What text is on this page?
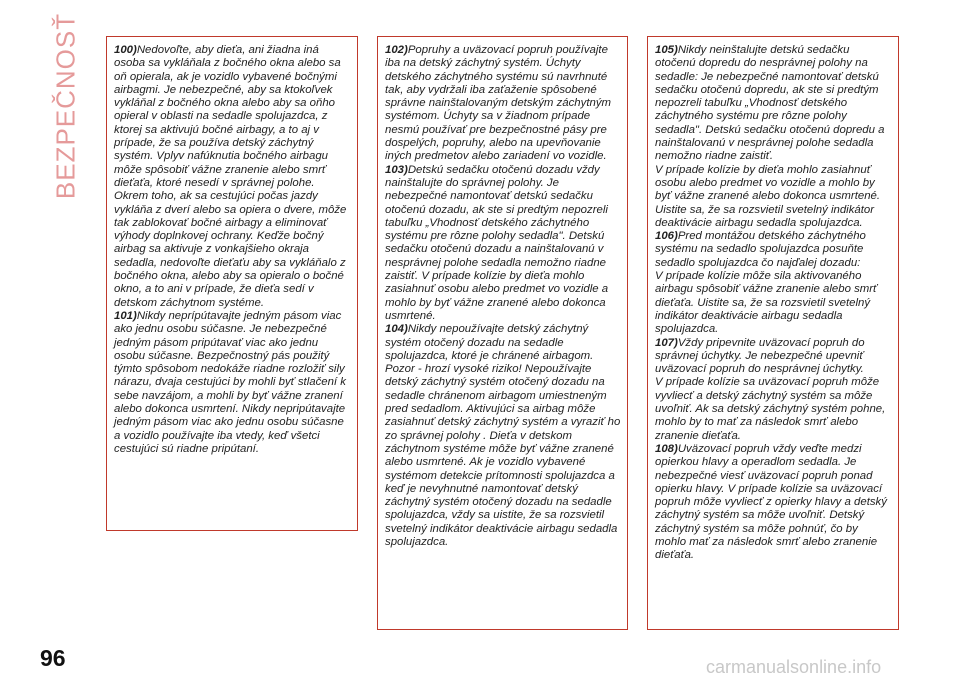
BEZPEČNOSŤ	100)Nedovoľte, aby dieťa, ani žiadna iná osoba sa vykláňala z bočného okna alebo sa oň opierala, ak je vozidlo vybavené bočnými airbagmi. Je nebezpečné, aby sa ktokoľvek vykláňal z bočného okna alebo aby sa oňho opieral v oblasti na sedadle spolujazdca, z ktorej sa aktivujú bočné airbagy, a to aj v prípade, že sa používa detský záchytný systém. Vplyv nafúknutia bočného airbagu môže spôsobiť vážne zranenie alebo smrť dieťaťa, ktoré nesedí v správnej polohe. Okrem toho, ak sa cestujúci počas jazdy vykláňa z dverí alebo sa opiera o dvere, môže tak zablokovať bočné airbagy a eliminovať výhody doplnkovej ochrany. Keďže bočný airbag sa aktivuje z vonkajšieho okraja sedadla, nedovoľte dieťaťu aby sa vykláňalo z bočného okna, alebo aby sa opieralo o bočné okno, a to ani v prípade, že dieťa sedí v detskom záchytnom systéme.

101)Nikdy neprípútavajte jedným pásom viac ako jednu osobu súčasne. Je nebezpečné jedným pásom pripútavať viac ako jednu osobu súčasne. Bezpečnostný pás použitý týmto spôsobom nedokáže riadne rozložiť sily nárazu, dvaja cestujúci by mohli byť stlačení k sebe navzájom, a mohli by byť vážne zranení alebo dokonca usmrtení. Nikdy nepripútavajte jedným pásom viac ako jednu osobu súčasne a vozidlo používajte iba vtedy, keď všetci cestujúci sú riadne pripútaní.

102)Popruhy a uväzovací popruh používajte iba na detský záchytný systém. Úchyty detského záchytného systému sú navrhnuté tak, aby vydržali iba zaťaženie spôsobené správne nainštalovaným detským záchytným systémom. Úchyty sa v žiadnom prípade nesmú používať pre bezpečnostné pásy pre dospelých, popruhy, alebo na upevňovanie iných predmetov alebo zariadení vo vozidle.

103)Detskú sedačku otočenú dozadu vždy nainštalujte do správnej polohy. Je nebezpečné namontovať detskú sedačku otočenú dozadu, ak ste si predtým nepozreli tabuľku „Vhodnosť detského záchytného systému pre rôzne polohy sedadla". Detskú sedačku otočenú dozadu a nainštalovanú v nesprávnej polohe sedadla nemožno riadne zaistiť. V prípade kolízie by dieťa mohlo zasiahnuť osobu alebo predmet vo vozidle a mohlo by byť vážne zranené alebo dokonca usmrtené.

104)Nikdy nepoužívajte detský záchytný systém otočený dozadu na sedadle spolujazdca, ktoré je chránené airbagom. Pozor - hrozí vysoké riziko! Nepoužívajte detský záchytný systém otočený dozadu na sedadle chránenom airbagom umiestneným pred sedadlom. Aktivujúci sa airbag môže zasiahnuť detský záchytný systém a vyraziť ho zo správnej polohy . Dieťa v detskom záchytnom systéme môže byť vážne zranené alebo usmrtené. Ak je vozidlo vybavené systémom detekcie prítomnosti spolujazdca a keď je nevyhnutné namontovať detský záchytný systém otočený dozadu na sedadle spolujazdca, vždy sa uistite, že sa rozsvietil svetelný indikátor deaktivácie airbagu sedadla spolujazdca.

105)Nikdy neinštalujte detskú sedačku otočenú dopredu do nesprávnej polohy na sedadle: Je nebezpečné namontovať detskú sedačku otočenú dopredu, ak ste si predtým nepozreli tabuľku „Vhodnosť detského záchytného systému pre rôzne polohy sedadla". Detskú sedačku otočenú dopredu a nainštalovanú v nesprávnej polohe sedadla nemožno riadne zaistiť.

V prípade kolízie by dieťa mohlo zasiahnuť osobu alebo predmet vo vozidle a mohlo by byť vážne zranené alebo dokonca usmrtené. Uistite sa, že sa rozsvietil svetelný indikátor deaktivácie airbagu sedadla spolujazdca.

106)Pred montážou detského záchytného systému na sedadlo spolujazdca posuňte sedadlo spolujazdca čo najďalej dozadu:

V prípade kolízie môže sila aktivovaného airbagu spôsobiť vážne zranenie alebo smrť dieťaťa. Uistite sa, že sa rozsvietil svetelný indikátor deaktivácie airbagu sedadla spolujazdca.

107)Vždy pripevnite uväzovací popruh do správnej úchytky. Je nebezpečné upevniť uväzovací popruh do nesprávnej úchytky.

V prípade kolízie sa uväzovací popruh môže vyvliecť a detský záchytný systém sa môže uvoľniť. Ak sa detský záchytný systém pohne, mohlo by to mať za následok smrť alebo zranenie dieťaťa.

108)Uväzovací popruh vždy veďte medzi opierkou hlavy a operadlom sedadla. Je nebezpečné viesť uväzovací popruh ponad opierku hlavy. V prípade kolízie sa uväzovací popruh môže vyvliecť z opierky hlavy a detský záchytný systém sa môže uvoľniť. Detský záchytný systém sa môže pohnúť, čo by mohlo mať za následok smrť alebo zranenie dieťaťa.

96	carmanualsonline.info
